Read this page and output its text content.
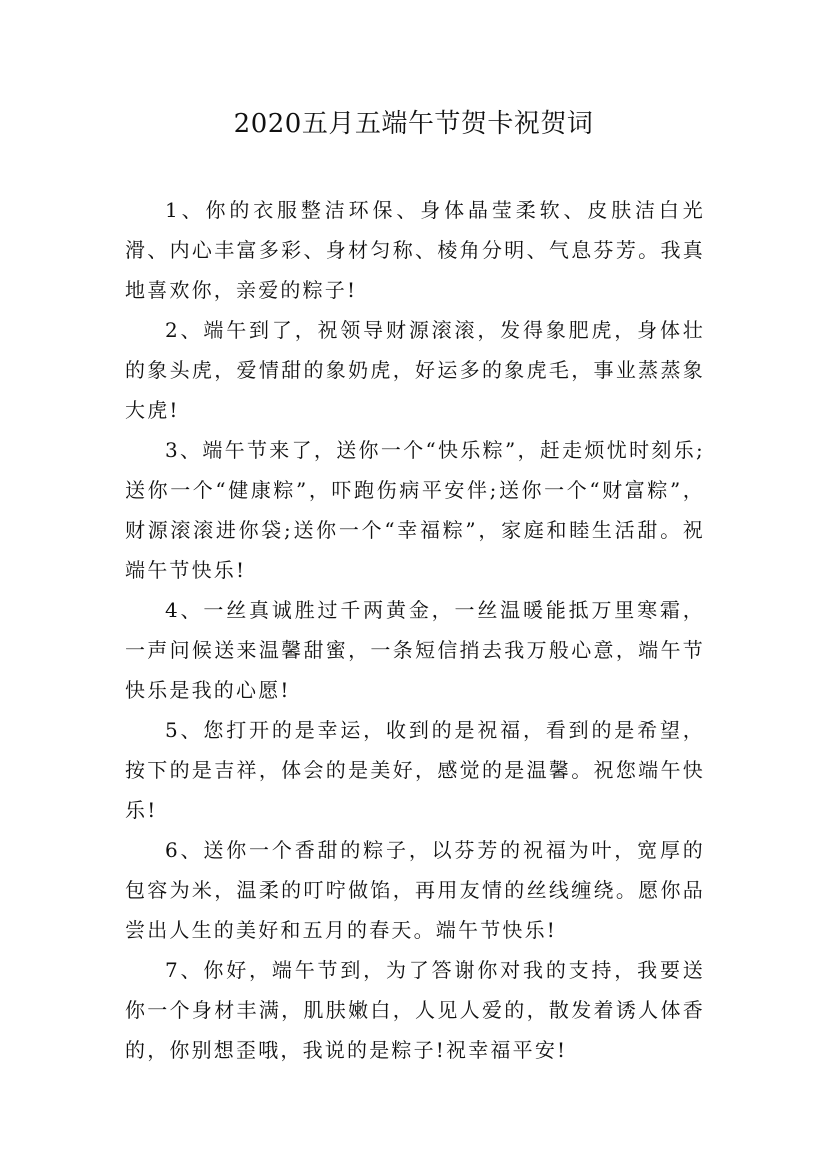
2020五月五端午节贺卡祝贺词

1、你的衣服整洁环保、身体晶莹柔软、皮肤洁白光滑、内心丰富多彩、身材匀称、棱角分明、气息芬芳。我真地喜欢你，亲爱的粽子!

2、端午到了，祝领导财源滚滚，发得象肥虎，身体壮的象头虎，爱情甜的象奶虎，好运多的象虎毛，事业蒸蒸象大虎!

3、端午节来了，送你一个“快乐粽”，赶走烦忧时刻乐;送你一个“健康粽”，吓跑伤病平安伴;送你一个“财富粽”，财源滚滚进你袋;送你一个“幸福粽”，家庭和睦生活甜。祝端午节快乐!

4、一丝真诚胜过千两黄金，一丝温暖能抵万里寒霜，一声问候送来温馨甜蜜，一条短信捎去我万般心意，端午节快乐是我的心愿!

5、您打开的是幸运，收到的是祝福，看到的是希望，按下的是吉祥，体会的是美好，感觉的是温馨。祝您端午快乐!

6、送你一个香甜的粽子，以芬芳的祝福为叶，宽厚的包容为米，温柔的叮咛做馅，再用友情的丝线缠绕。愿你品尝出人生的美好和五月的春天。端午节快乐!

7、你好，端午节到，为了答谢你对我的支持，我要送你一个身材丰满，肌肤嫩白，人见人爱的，散发着诱人体香的，你别想歪哦，我说的是粽子!祝幸福平安!
